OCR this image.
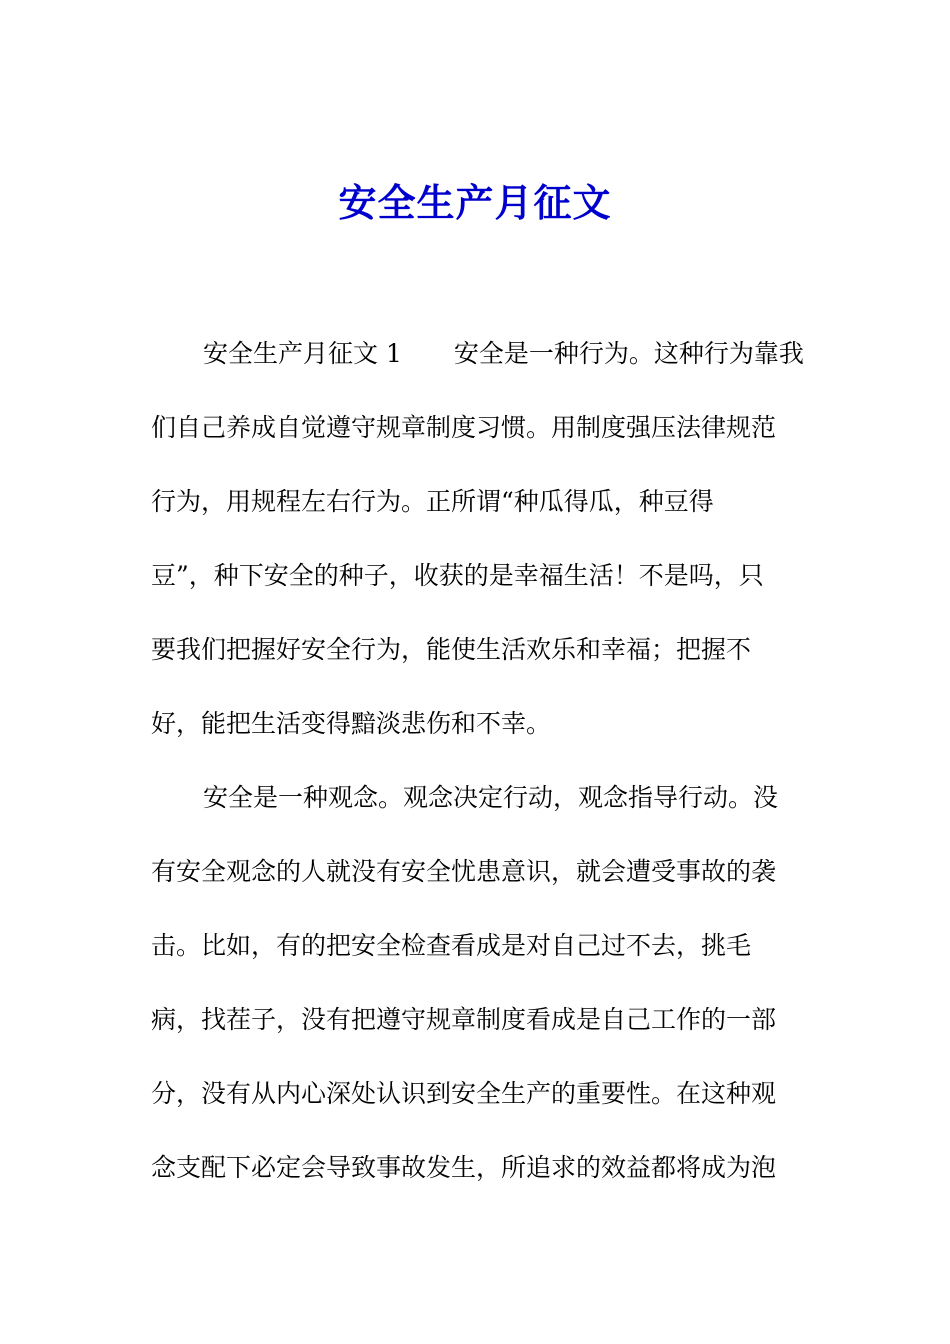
安全生产月征文
安全生产月征文 1 安全是一种行为。这种行为靠我
们自己养成自觉遵守规章制度习惯。用制度强压法律规范
行为，用规程左右行为。正所谓“种瓜得瓜，种豆得
豆”，种下安全的种子，收获的是幸福生活！不是吗，只
要我们把握好安全行为，能使生活欢乐和幸福；把握不
好，能把生活变得黯淡悲伤和不幸。
安全是一种观念。观念决定行动，观念指导行动。没
有安全观念的人就没有安全忧患意识，就会遭受事故的袭
击。比如，有的把安全检查看成是对自己过不去，挑毛
病，找茬子，没有把遵守规章制度看成是自己工作的一部
分，没有从内心深处认识到安全生产的重要性。在这种观
念支配下必定会导致事故发生，所追求的效益都将成为泡
